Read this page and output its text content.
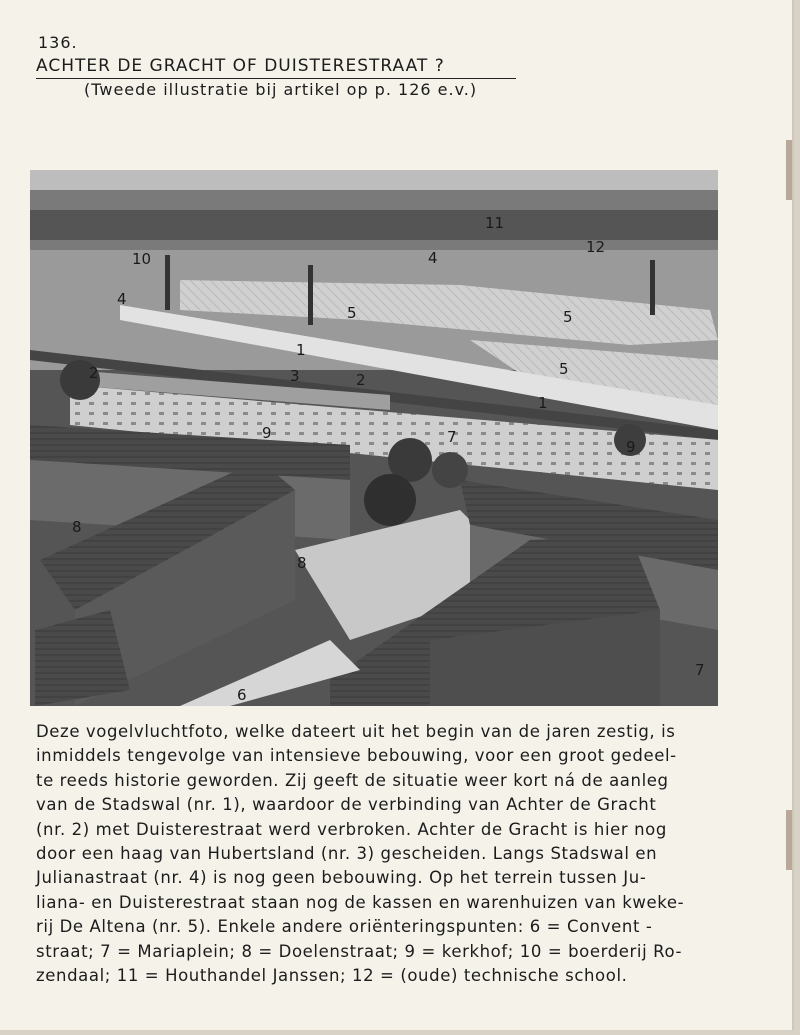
136.
ACHTER DE GRACHT OF DUISTERESTRAAT ?
(Tweede illustratie bij artikel op p. 126 e.v.)
11
12
10	4
4
5	5
1
5
2	3	2
1
9
9
7
8
8
6
7
Deze vogelvluchtfoto, welke dateert uit het begin van de jaren zestig, is
inmiddels tengevolge van intensieve bebouwing, voor een groot gedeel-
te reeds historie geworden. Zij geeft de situatie weer kort ná de aanleg
van de Stadswal (nr. 1), waardoor de verbinding van Achter de Gracht
(nr. 2) met Duisterestraat werd verbroken. Achter de Gracht is hier nog
door een haag van Hubertsland (nr. 3) gescheiden. Langs Stadswal en
Julianastraat (nr. 4) is nog geen bebouwing. Op het terrein tussen Ju-
liana- en Duisterestraat staan nog de kassen en warenhuizen van kweke-
rij De Altena (nr. 5). Enkele andere oriënteringspunten: 6 = Convent -
straat; 7 = Mariaplein; 8 = Doelenstraat; 9 = kerkhof; 10 = boerderij Ro-
zendaal; 11 = Houthandel Janssen; 12 = (oude) technische school.
